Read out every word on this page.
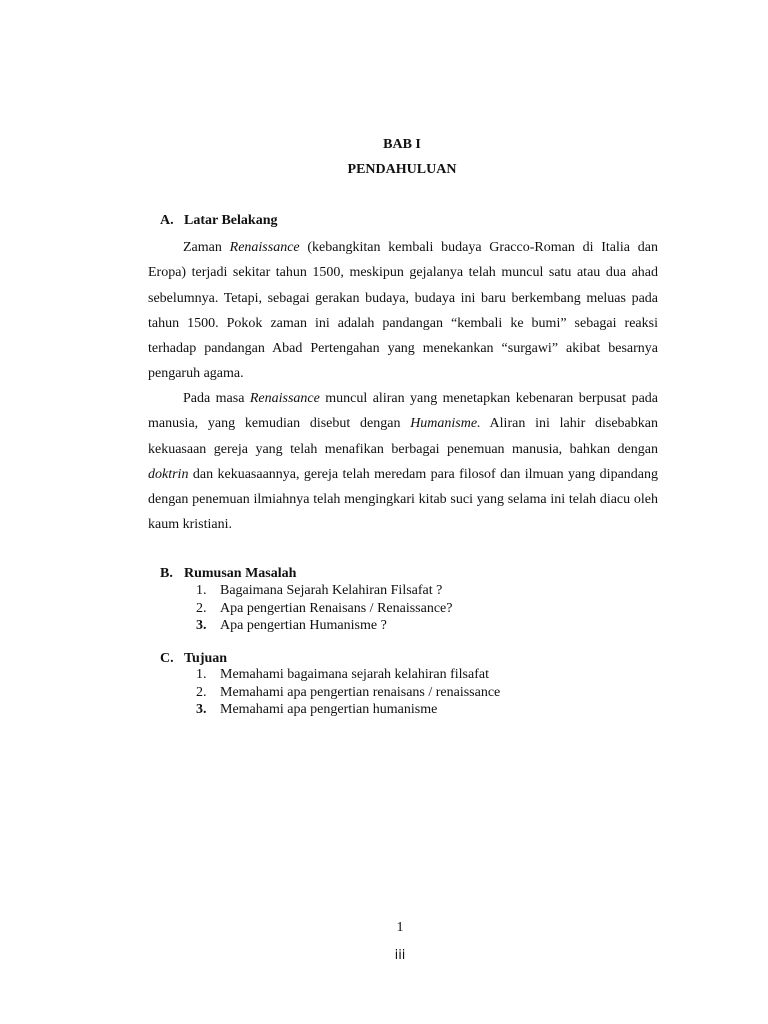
BAB I
PENDAHULUAN
A. Latar Belakang
Zaman Renaissance (kebangkitan kembali budaya Gracco-Roman di Italia dan Eropa) terjadi sekitar tahun 1500, meskipun gejalanya telah muncul satu atau dua ahad sebelumnya. Tetapi, sebagai gerakan budaya, budaya ini baru berkembang meluas pada tahun 1500. Pokok zaman ini adalah pandangan “kembali ke bumi” sebagai reaksi terhadap pandangan Abad Pertengahan yang menekankan “surgawi” akibat besarnya pengaruh agama.
Pada masa Renaissance muncul aliran yang menetapkan kebenaran berpusat pada manusia, yang kemudian disebut dengan Humanisme. Aliran ini lahir disebabkan kekuasaan gereja yang telah menafikan berbagai penemuan manusia, bahkan dengan doktrin dan kekuasaannya, gereja telah meredam para filosof dan ilmuan yang dipandang dengan penemuan ilmiahnya telah mengingkari kitab suci yang selama ini telah diacu oleh kaum kristiani.
B. Rumusan Masalah
1. Bagaimana Sejarah Kelahiran Filsafat ?
2. Apa pengertian Renaisans / Renaissance?
3. Apa pengertian Humanisme ?
C. Tujuan
1. Memahami bagaimana sejarah kelahiran filsafat
2. Memahami apa pengertian renaisans / renaissance
3. Memahami apa pengertian humanisme
1
iii
